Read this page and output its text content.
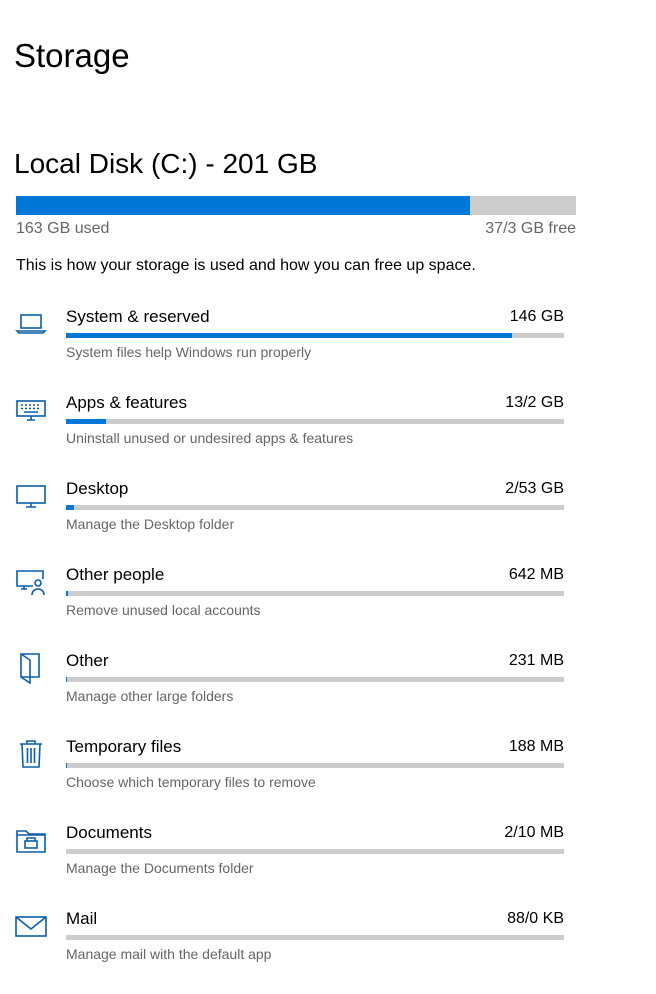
Storage
Local Disk (C:) - 201 GB
163 GB used	37/3 GB free
This is how your storage is used and how you can free up space.
System & reserved	146 GB
System files help Windows run properly
Apps & features	13/2 GB
Uninstall unused or undesired apps & features
Desktop	2/53 GB
Manage the Desktop folder
Other people	642 MB
Remove unused local accounts
Other	231 MB
Manage other large folders
Temporary files	188 MB
Choose which temporary files to remove
Documents	2/10 MB
Manage the Documents folder
Mail	88/0 KB
Manage mail with the default app
